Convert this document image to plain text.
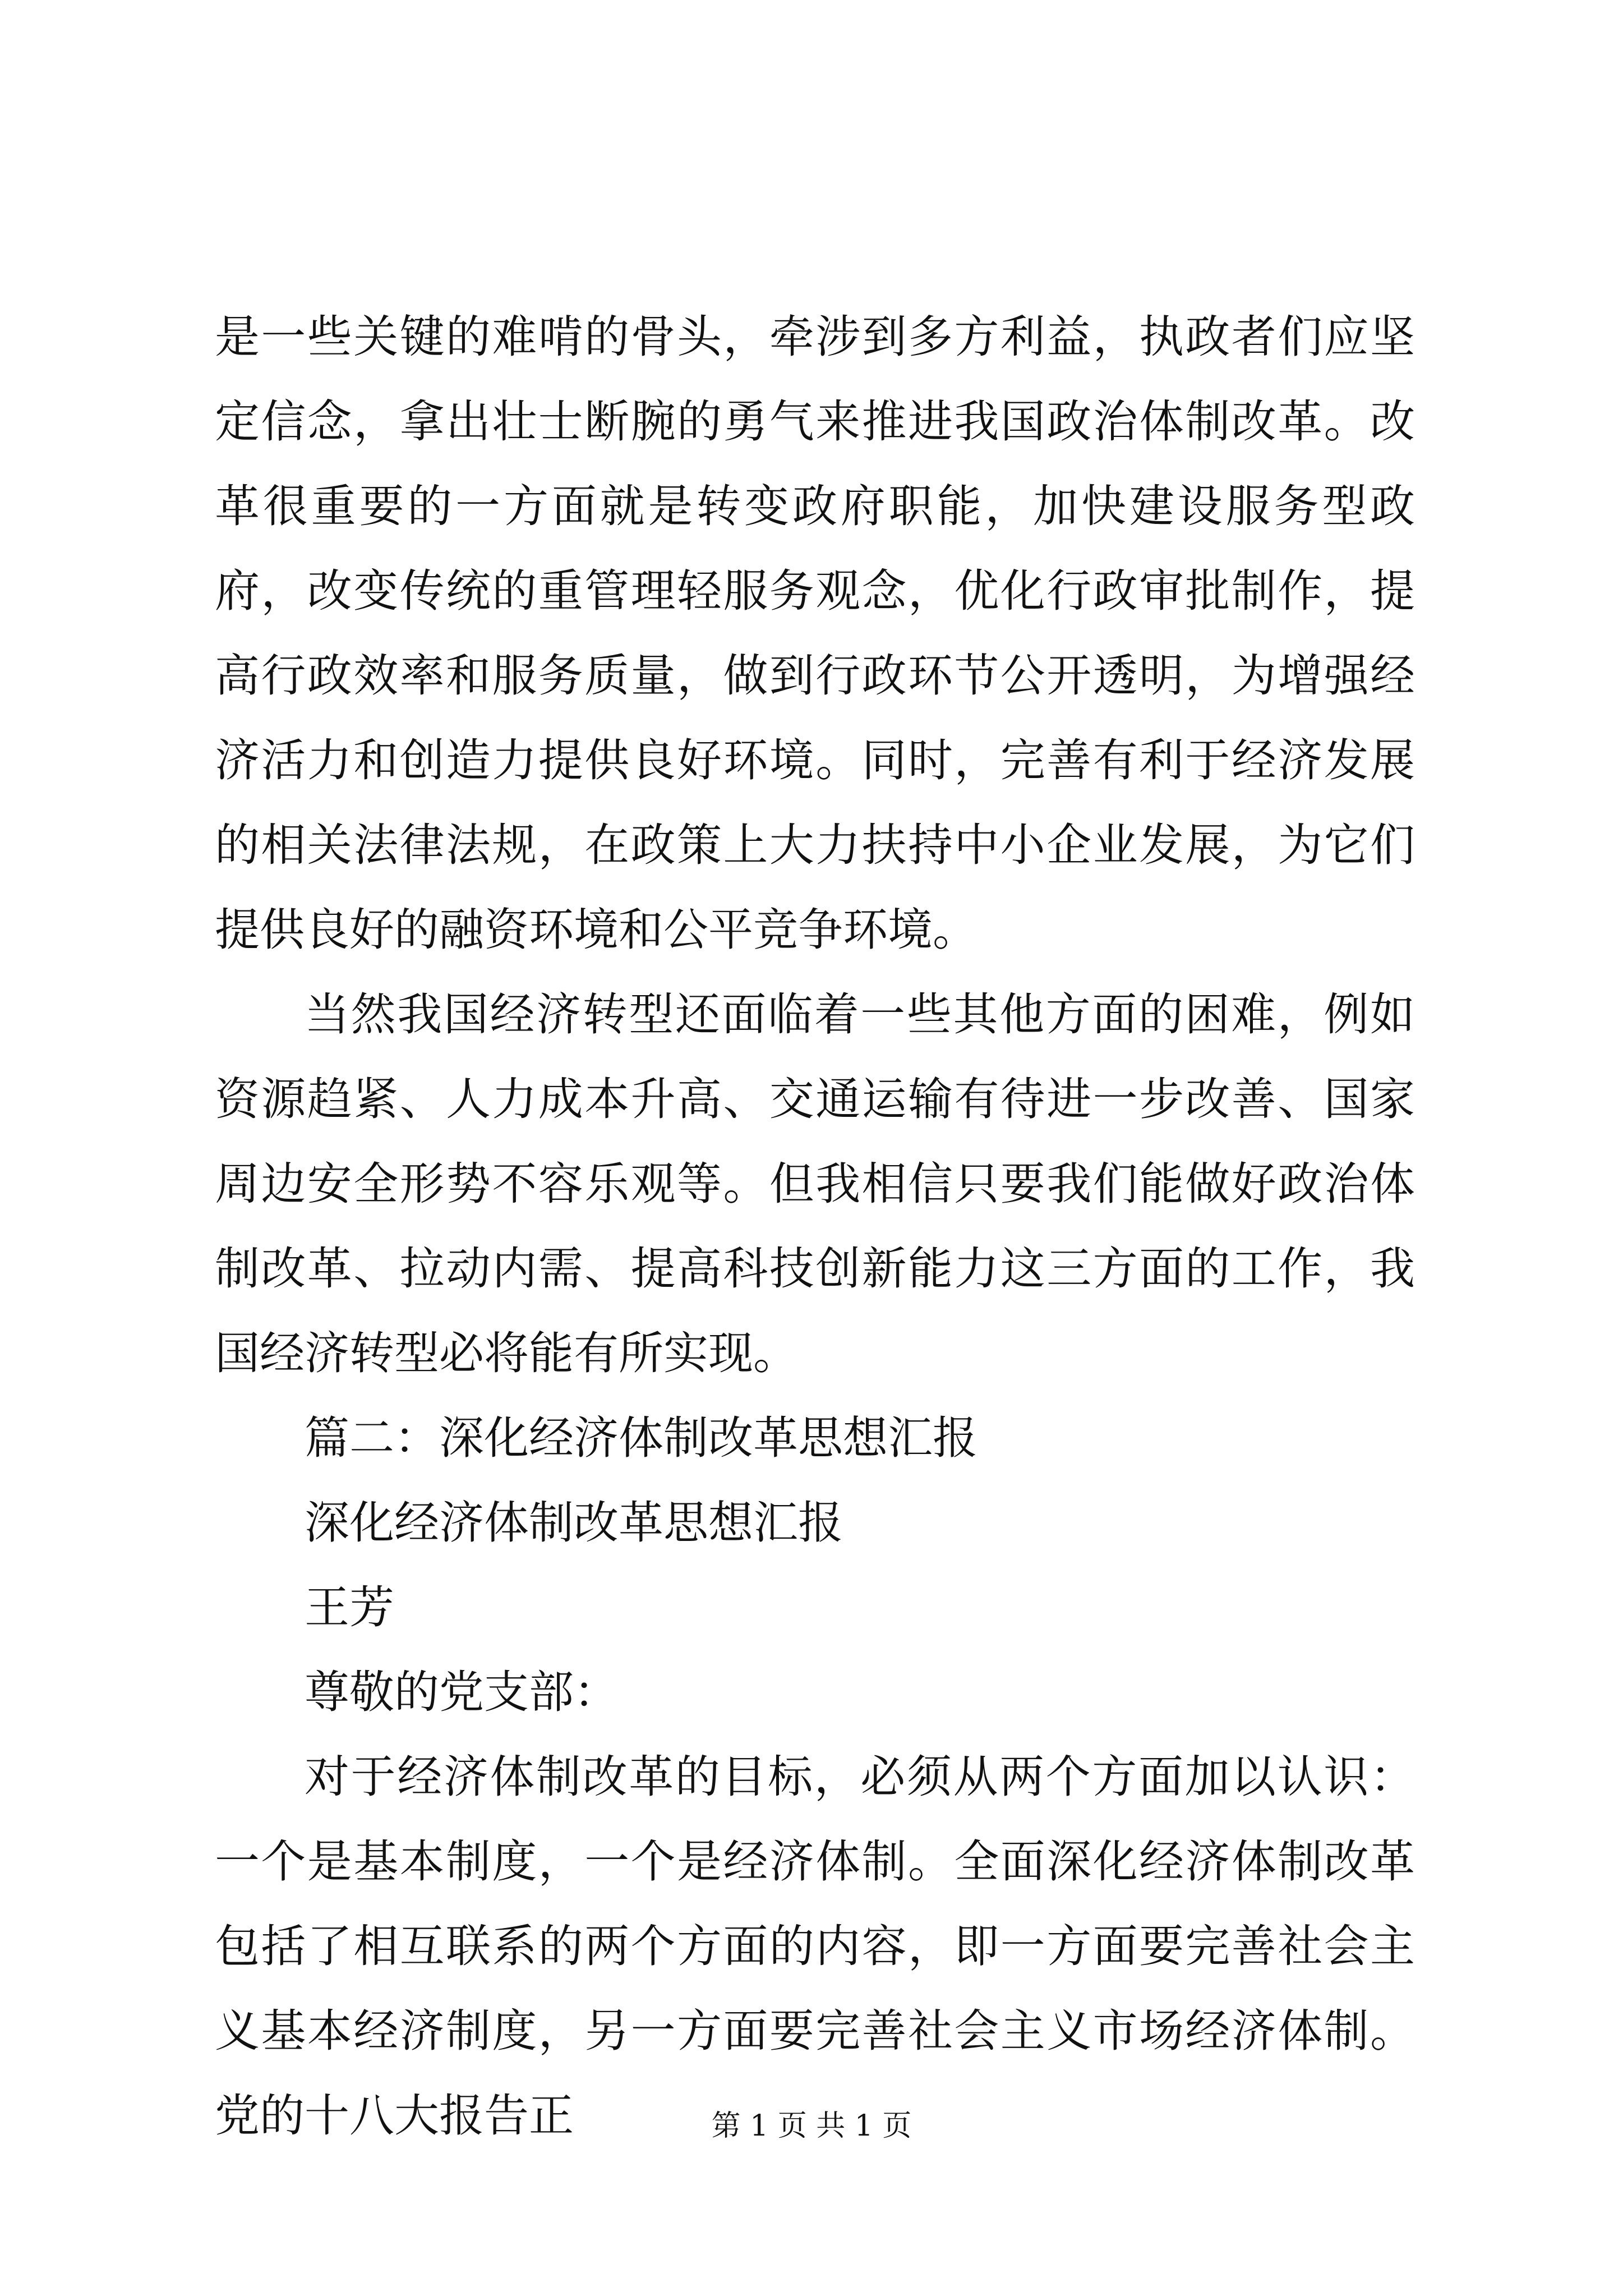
是一些关键的难啃的骨头，牵涉到多方利益，执政者们应坚定信念，拿出壮士断腕的勇气来推进我国政治体制改革。改革很重要的一方面就是转变政府职能，加快建设服务型政府，改变传统的重管理轻服务观念，优化行政审批制作，提高行政效率和服务质量，做到行政环节公开透明，为增强经济活力和创造力提供良好环境。同时，完善有利于经济发展的相关法律法规，在政策上大力扶持中小企业发展，为它们提供良好的融资环境和公平竞争环境。

当然我国经济转型还面临着一些其他方面的困难，例如资源趋紧、人力成本升高、交通运输有待进一步改善、国家周边安全形势不容乐观等。但我相信只要我们能做好政治体制改革、拉动内需、提高科技创新能力这三方面的工作，我国经济转型必将能有所实现。

篇二：深化经济体制改革思想汇报

深化经济体制改革思想汇报

王芳

尊敬的党支部：

对于经济体制改革的目标，必须从两个方面加以认识：一个是基本制度，一个是经济体制。全面深化经济体制改革包括了相互联系的两个方面的内容，即一方面要完善社会主义基本经济制度，另一方面要完善社会主义市场经济体制。党的十八大报告正	第 1 页 共 1 页
